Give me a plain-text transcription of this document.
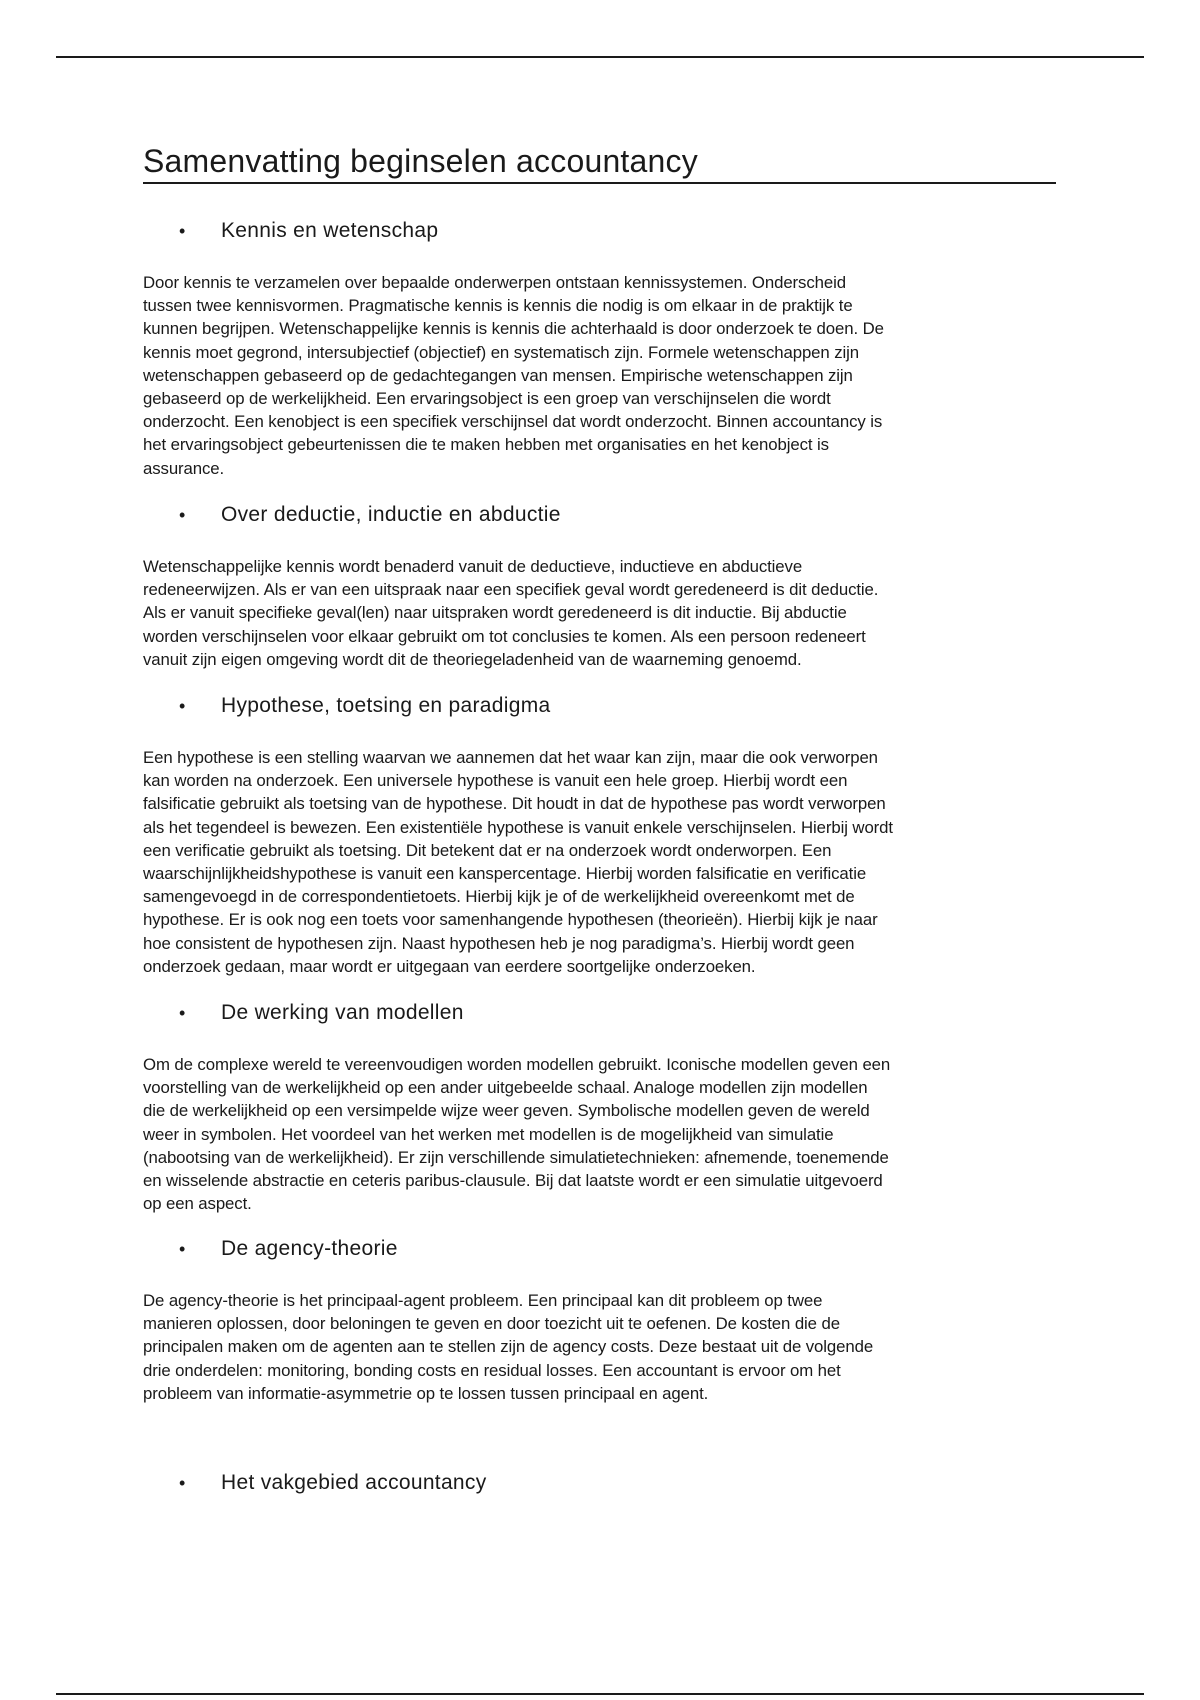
Samenvatting beginselen accountancy
•	Kennis en wetenschap
Door kennis te verzamelen over bepaalde onderwerpen ontstaan kennissystemen. Onderscheid
tussen twee kennisvormen. Pragmatische kennis is kennis die nodig is om elkaar in de praktijk te
kunnen begrijpen. Wetenschappelijke kennis is kennis die achterhaald is door onderzoek te doen. De
kennis moet gegrond, intersubjectief (objectief) en systematisch zijn. Formele wetenschappen zijn
wetenschappen gebaseerd op de gedachtegangen van mensen. Empirische wetenschappen zijn
gebaseerd op de werkelijkheid. Een ervaringsobject is een groep van verschijnselen die wordt
onderzocht. Een kenobject is een specifiek verschijnsel dat wordt onderzocht. Binnen accountancy is
het ervaringsobject gebeurtenissen die te maken hebben met organisaties en het kenobject is
assurance.
•	Over deductie, inductie en abductie
Wetenschappelijke kennis wordt benaderd vanuit de deductieve, inductieve en abductieve
redeneerwijzen. Als er van een uitspraak naar een specifiek geval wordt geredeneerd is dit deductie.
Als er vanuit specifieke geval(len) naar uitspraken wordt geredeneerd is dit inductie. Bij abductie
worden verschijnselen voor elkaar gebruikt om tot conclusies te komen. Als een persoon redeneert
vanuit zijn eigen omgeving wordt dit de theoriegeladenheid van de waarneming genoemd.
•	Hypothese, toetsing en paradigma
Een hypothese is een stelling waarvan we aannemen dat het waar kan zijn, maar die ook verworpen
kan worden na onderzoek. Een universele hypothese is vanuit een hele groep. Hierbij wordt een
falsificatie gebruikt als toetsing van de hypothese. Dit houdt in dat de hypothese pas wordt verworpen
als het tegendeel is bewezen. Een existentiële hypothese is vanuit enkele verschijnselen. Hierbij wordt
een verificatie gebruikt als toetsing. Dit betekent dat er na onderzoek wordt onderworpen. Een
waarschijnlijkheidshypothese is vanuit een kanspercentage. Hierbij worden falsificatie en verificatie
samengevoegd in de correspondentietoets. Hierbij kijk je of de werkelijkheid overeenkomt met de
hypothese. Er is ook nog een toets voor samenhangende hypothesen (theorieën). Hierbij kijk je naar
hoe consistent de hypothesen zijn. Naast hypothesen heb je nog paradigma’s. Hierbij wordt geen
onderzoek gedaan, maar wordt er uitgegaan van eerdere soortgelijke onderzoeken.
•	De werking van modellen
Om de complexe wereld te vereenvoudigen worden modellen gebruikt. Iconische modellen geven een
voorstelling van de werkelijkheid op een ander uitgebeelde schaal. Analoge modellen zijn modellen
die de werkelijkheid op een versimpelde wijze weer geven. Symbolische modellen geven de wereld
weer in symbolen. Het voordeel van het werken met modellen is de mogelijkheid van simulatie
(nabootsing van de werkelijkheid). Er zijn verschillende simulatietechnieken: afnemende, toenemende
en wisselende abstractie en ceteris paribus-clausule. Bij dat laatste wordt er een simulatie uitgevoerd
op een aspect.
•	De agency-theorie
De agency-theorie is het principaal-agent probleem. Een principaal kan dit probleem op twee
manieren oplossen, door beloningen te geven en door toezicht uit te oefenen. De kosten die de
principalen maken om de agenten aan te stellen zijn de agency costs. Deze bestaat uit de volgende
drie onderdelen: monitoring, bonding costs en residual losses. Een accountant is ervoor om het
probleem van informatie-asymmetrie op te lossen tussen principaal en agent.
•	Het vakgebied accountancy
